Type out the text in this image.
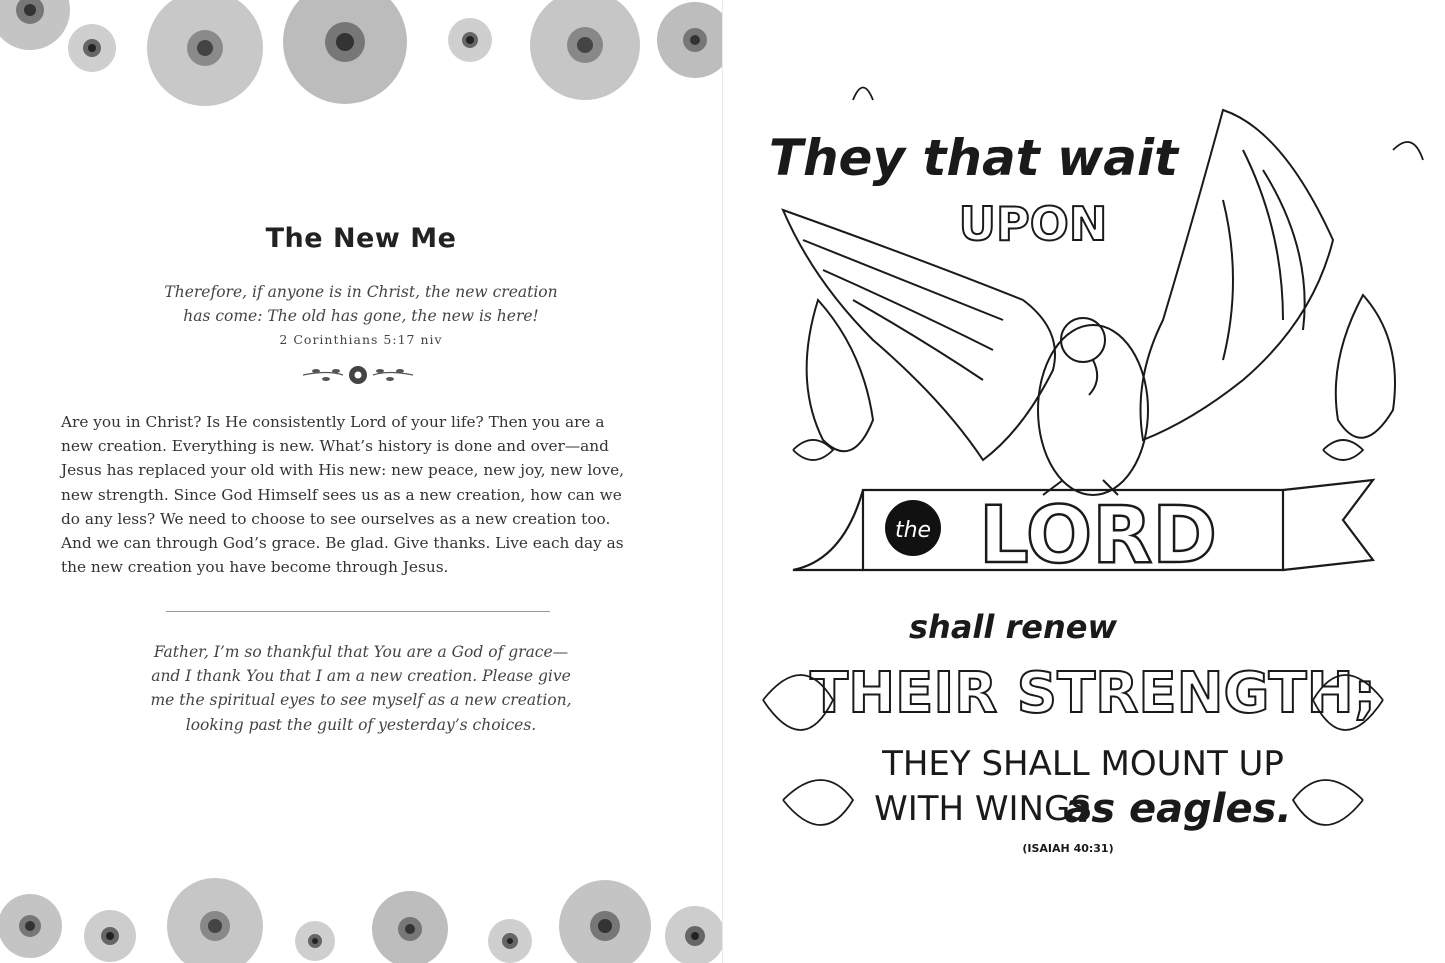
The New Me
Therefore, if anyone is in Christ, the new creation
has come: The old has gone, the new is here!
2 Corinthians 5:17 niv
Are you in Christ? Is He consistently Lord of your life? Then you are a
new creation. Everything is new. What’s history is done and over—and
Jesus has replaced your old with His new: new peace, new joy, new love,
new strength. Since God Himself sees us as a new creation, how can we
do any less? We need to choose to see ourselves as a new creation too.
And we can through God’s grace. Be glad. Give thanks. Live each day as
the new creation you have become through Jesus.
Father, I’m so thankful that You are a God of grace—
and I thank You that I am a new creation. Please give
me the spiritual eyes to see myself as a new creation,
looking past the guilt of yesterday’s choices.
They that wait
UPON
the LORD
shall renew
THEIR STRENGTH;
THEY SHALL MOUNT UP
WITH WINGS
as eagles.
(ISAIAH 40:31)
